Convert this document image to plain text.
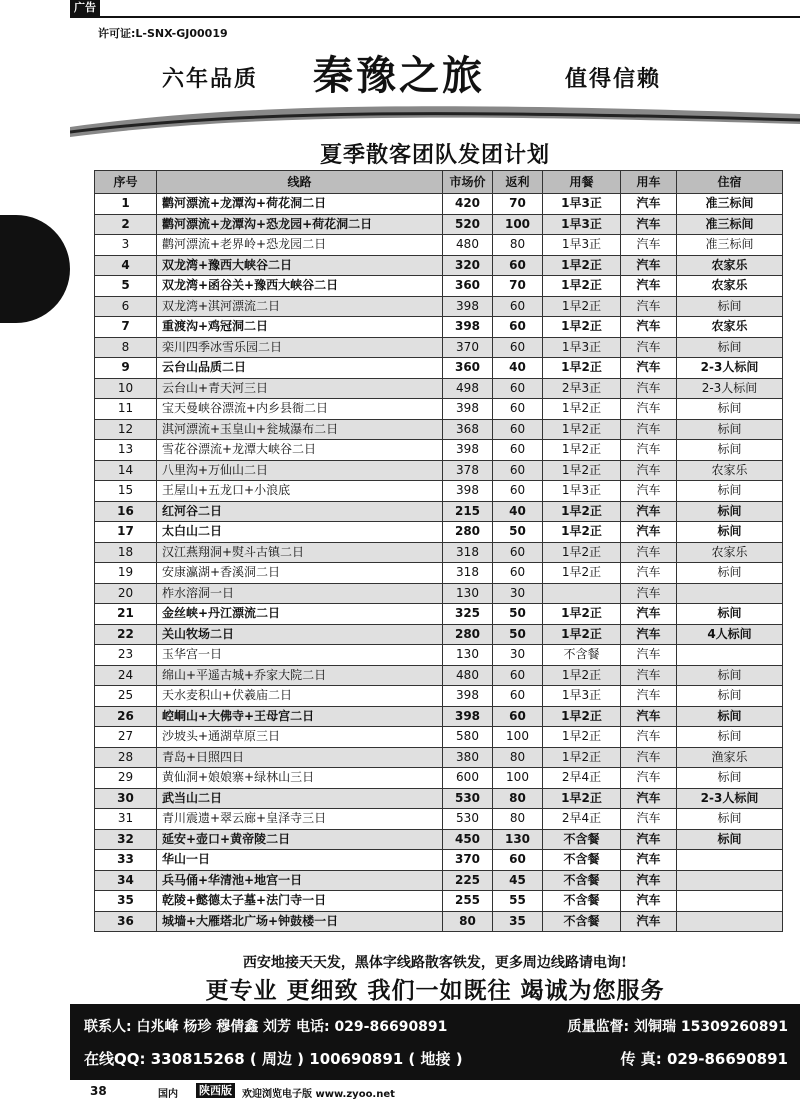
广告
许可证:L-SNX-GJ00019
六年品质 秦豫之旅	值得信赖
夏季散客团队发团计划
序号	线路	市场价	返利	用餐	用车	住宿
1	鹳河漂流+龙潭沟+荷花洞二日	420	70	1早3正	汽车	准三标间
2	鹳河漂流+龙潭沟+恐龙园+荷花洞二日	520	100	1早3正	汽车	准三标间
3	鹳河漂流+老界岭+恐龙园二日	480	80	1早3正	汽车	准三标间
4	双龙湾+豫西大峡谷二日	320	60	1早2正	汽车	农家乐
5	双龙湾+函谷关+豫西大峡谷二日	360	70	1早2正	汽车	农家乐
6	双龙湾+淇河漂流二日	398	60	1早2正	汽车	标间
7	重渡沟+鸡冠洞二日	398	60	1早2正	汽车	农家乐
8	栾川四季冰雪乐园二日	370	60	1早3正	汽车	标间
9	云台山品质二日	360	40	1早2正	汽车	2-3人标间
10	云台山+青天河三日	498	60	2早3正	汽车	2-3人标间
11	宝天曼峡谷漂流+内乡县衙二日	398	60	1早2正	汽车	标间
12	淇河漂流+玉皇山+瓮城瀑布二日	368	60	1早2正	汽车	标间
13	雪花谷漂流+龙潭大峡谷二日	398	60	1早2正	汽车	标间
14	八里沟+万仙山二日	378	60	1早2正	汽车	农家乐
15	王屋山+五龙口+小浪底	398	60	1早3正	汽车	标间
16	红河谷二日	215	40	1早2正	汽车	标间
17	太白山二日	280	50	1早2正	汽车	标间
18	汉江燕翔洞+熨斗古镇二日	318	60	1早2正	汽车	农家乐
19	安康瀛湖+香溪洞二日	318	60	1早2正	汽车	标间
20	柞水溶洞一日	130	30		汽车	
21	金丝峡+丹江漂流二日	325	50	1早2正	汽车	标间
22	关山牧场二日	280	50	1早2正	汽车	4人标间
23	玉华宫一日	130	30	不含餐	汽车	
24	绵山+平遥古城+乔家大院二日	480	60	1早2正	汽车	标间
25	天水麦积山+伏羲庙二日	398	60	1早3正	汽车	标间
26	崆峒山+大佛寺+王母宫二日	398	60	1早2正	汽车	标间
27	沙坡头+通湖草原三日	580	100	1早2正	汽车	标间
28	青岛+日照四日	380	80	1早2正	汽车	渔家乐
29	黄仙洞+娘娘寨+绿林山三日	600	100	2早4正	汽车	标间
30	武当山二日	530	80	1早2正	汽车	2-3人标间
31	青川震遗+翠云廊+皇泽寺三日	530	80	2早4正	汽车	标间
32	延安+壶口+黄帝陵二日	450	130	不含餐	汽车	标间
33	华山一日	370	60	不含餐	汽车	
34	兵马俑+华清池+地宫一日	225	45	不含餐	汽车	
35	乾陵+懿德太子墓+法门寺一日	255	55	不含餐	汽车	
36	城墙+大雁塔北广场+钟鼓楼一日	80	35	不含餐	汽车	
西安地接天天发，黑体字线路散客铁发，更多周边线路请电询!
更专业 更细致 我们一如既往 竭诚为您服务
联系人: 白兆峰 杨珍 穆倩鑫 刘芳 电话: 029-86690891	质量监督: 刘铜瑞 15309260891
在线QQ: 330815268 ( 周边 ) 100690891 ( 地接 )	传 真: 029-86690891
38	国内 陕西版	欢迎浏览电子版 www.zyoo.net
